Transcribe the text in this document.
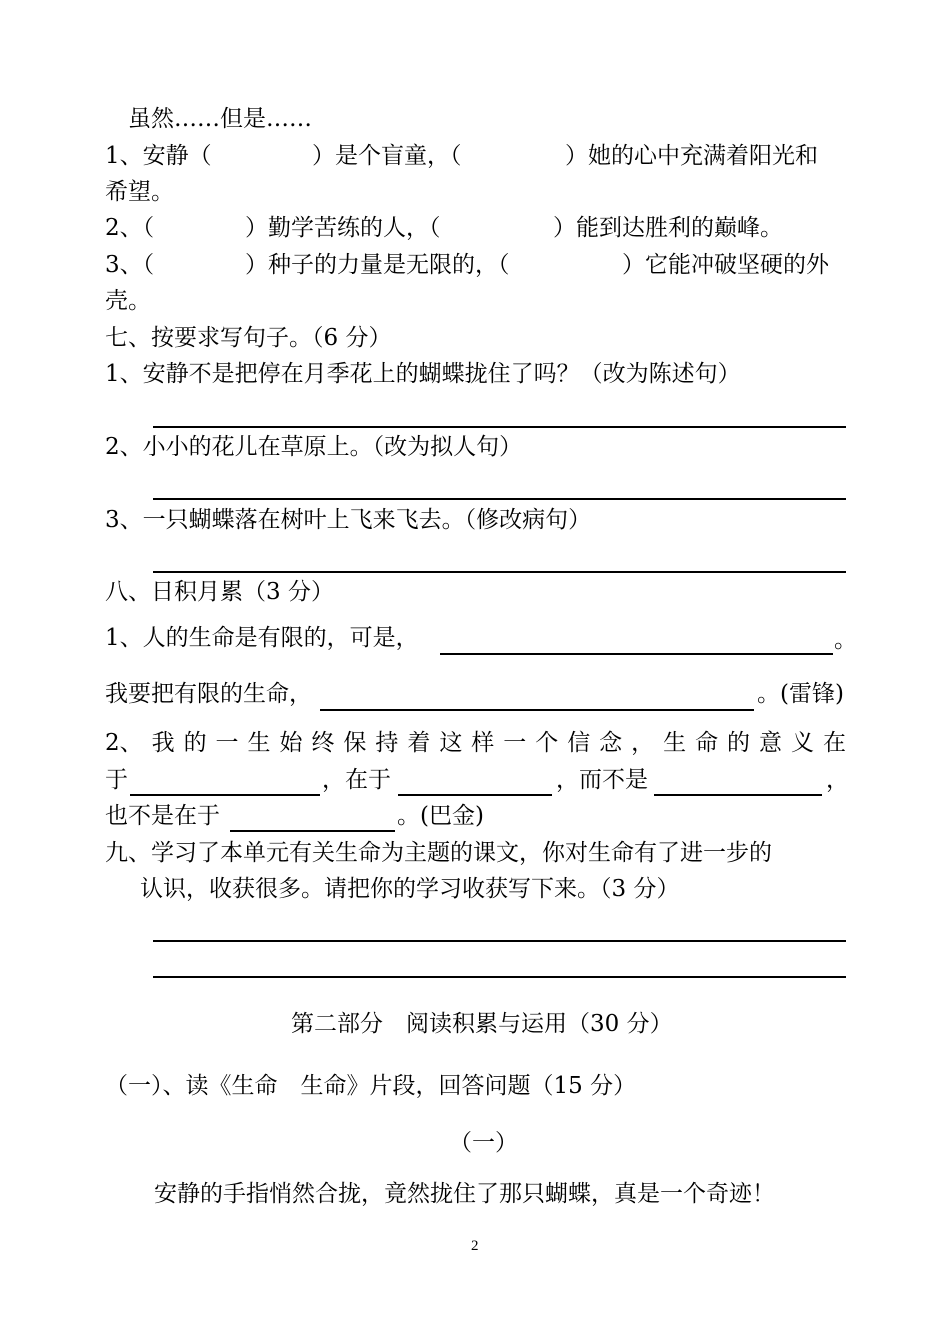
虽然……但是……
1、安静（	）是个盲童，（	）她的心中充满着阳光和
希望。
2、（	）勤学苦练的人，（	）能到达胜利的巅峰。
3、（	）种子的力量是无限的，（	）它能冲破坚硬的外
壳。
七、按要求写句子。（6 分）
1、安静不是把停在月季花上的蝴蝶拢住了吗？（改为陈述句）
2、小小的花儿在草原上。（改为拟人句）
3、一只蝴蝶落在树叶上飞来飞去。（修改病句）
八、日积月累（3 分）
1、人的生命是有限的，可是，	。
我要把有限的生命，	。(雷锋)
2、 我 的 一 生 始 终 保 持 着 这 样 一 个 信 念 ， 生 命 的 意 义 在
于	，在于	，而不是	，
也不是在于	。(巴金)
九、学习了本单元有关生命为主题的课文，你对生命有了进一步的
认识，收获很多。请把你的学习收获写下来。（3 分）
第二部分　阅读积累与运用（30 分）
（一）、读《生命　生命》片段，回答问题（15 分）
（一）
安静的手指悄然合拢，竟然拢住了那只蝴蝶，真是一个奇迹！
2
